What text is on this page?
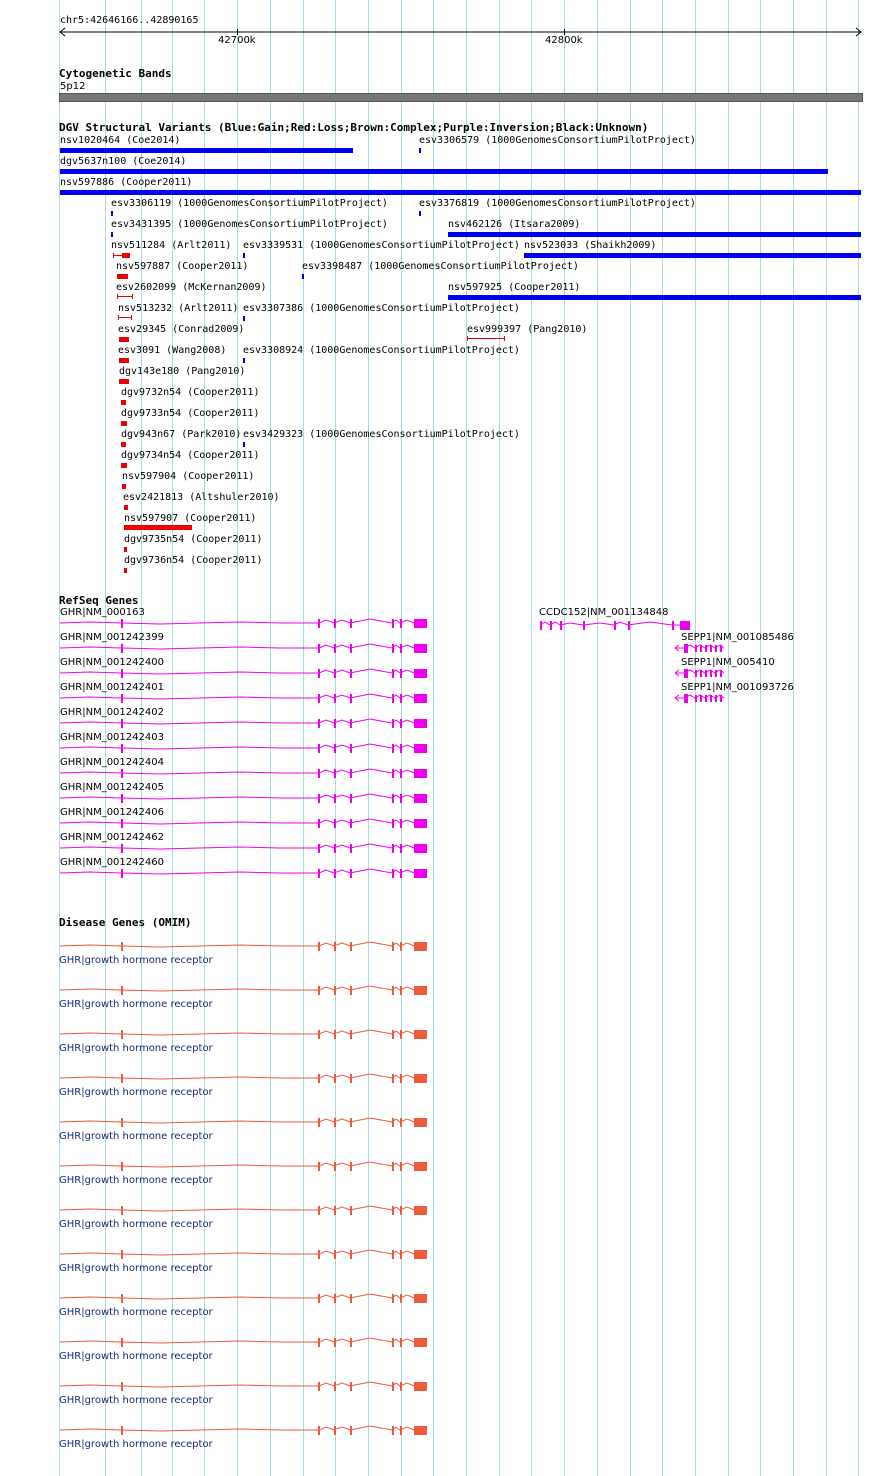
chr5:42646166..42890165
42700k	42800k
Cytogenetic Bands
5p12
DGV Structural Variants (Blue:Gain;Red:Loss;Brown:Complex;Purple:Inversion;Black:Unknown)
nsv1020464 (Coe2014)	esv3306579 (1000GenomesConsortiumPilotProject)
dgv5637n100 (Coe2014)
nsv597886 (Cooper2011)
esv3306119 (1000GenomesConsortiumPilotProject)	esv3376819 (1000GenomesConsortiumPilotProject)
esv3431395 (1000GenomesConsortiumPilotProject)	nsv462126 (Itsara2009)
nsv511284 (Arlt2011) esv3339531 (1000GenomesConsortiumPilotProject) nsv523033 (Shaikh2009)
nsv597887 (Cooper2011)	esv3398487 (1000GenomesConsortiumPilotProject)
esv2602099 (McKernan2009)	nsv597925 (Cooper2011)
nsv513232 (Arlt2011) esv3307386 (1000GenomesConsortiumPilotProject)
esv29345 (Conrad2009)	esv999397 (Pang2010)
esv3091 (Wang2008) esv3308924 (1000GenomesConsortiumPilotProject)
dgv143e180 (Pang2010)
dgv9732n54 (Cooper2011)
dgv9733n54 (Cooper2011)
dgv943n67 (Park2010) esv3429323 (1000GenomesConsortiumPilotProject)
dgv9734n54 (Cooper2011)
nsv597904 (Cooper2011)
esv2421813 (Altshuler2010)
nsv597907 (Cooper2011)
dgv9735n54 (Cooper2011)
dgv9736n54 (Cooper2011)
RefSeq Genes
GHR|NM_000163
GHR|NM_001242399
GHR|NM_001242400
GHR|NM_001242401
GHR|NM_001242402
GHR|NM_001242403
GHR|NM_001242404
GHR|NM_001242405
GHR|NM_001242406
GHR|NM_001242462
GHR|NM_001242460
CCDC152|NM_001134848
SEPP1|NM_001085486
SEPP1|NM_005410
SEPP1|NM_001093726
Disease Genes (OMIM)
GHR|growth hormone receptor
GHR|growth hormone receptor
GHR|growth hormone receptor
GHR|growth hormone receptor
GHR|growth hormone receptor
GHR|growth hormone receptor
GHR|growth hormone receptor
GHR|growth hormone receptor
GHR|growth hormone receptor
GHR|growth hormone receptor
GHR|growth hormone receptor
GHR|growth hormone receptor
